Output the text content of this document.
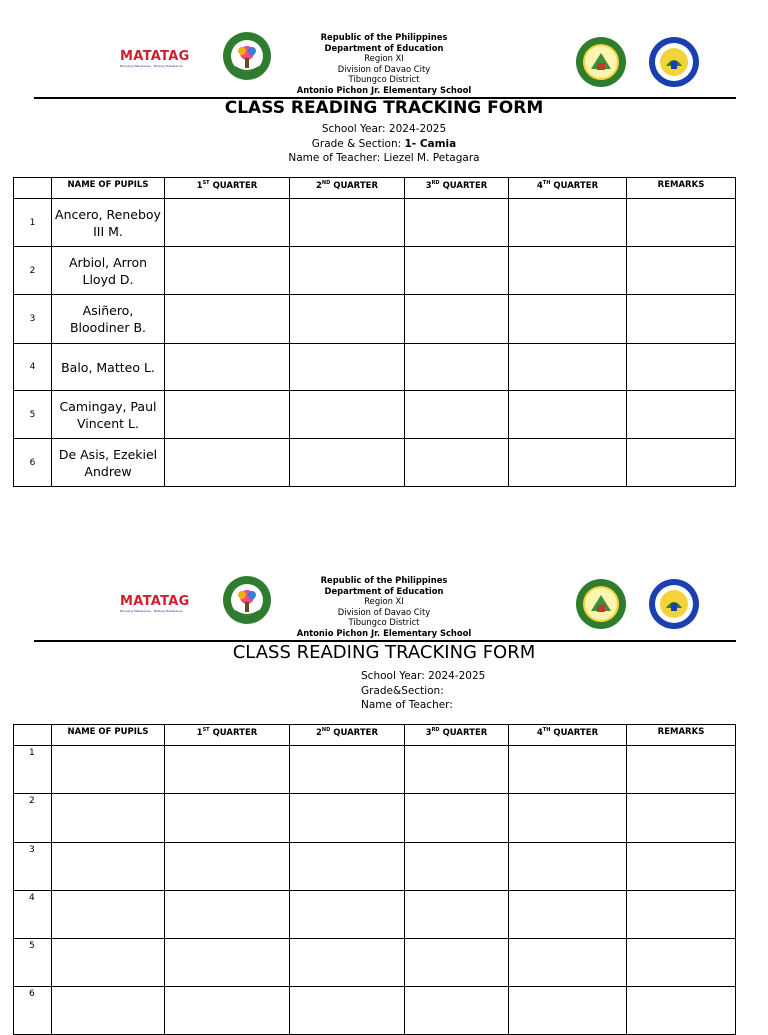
MATATAG
Bansang Makabansa · Batang Makabansa
Republic of the Philippines
Department of Education
Region XI
Division of Davao City
Tibungco District
Antonio Pichon Jr. Elementary School
CLASS READING TRACKING FORM
School Year: 2024-2025
Grade & Section: 1- Camia
Name of Teacher: Liezel M. Petagara
	NAME OF PUPILS	1ST QUARTER	2ND QUARTER	3RD QUARTER	4TH QUARTER	REMARKS
1	Ancero, Reneboy III M.					
2	Arbiol, Arron Lloyd D.					
3	Asiñero, Bloodiner B.					
4	Balo, Matteo L.					
5	Camingay, Paul Vincent L.					
6	De Asis, Ezekiel Andrew					
MATATAG
Bansang Makabansa · Batang Makabansa
Republic of the Philippines
Department of Education
Region XI
Division of Davao City
Tibungco District
Antonio Pichon Jr. Elementary School
CLASS READING TRACKING FORM
School Year: 2024-2025
Grade&Section:
Name of Teacher:
	NAME OF PUPILS	1ST QUARTER	2ND QUARTER	3RD QUARTER	4TH QUARTER	REMARKS
1						
2						
3						
4						
5						
6						
